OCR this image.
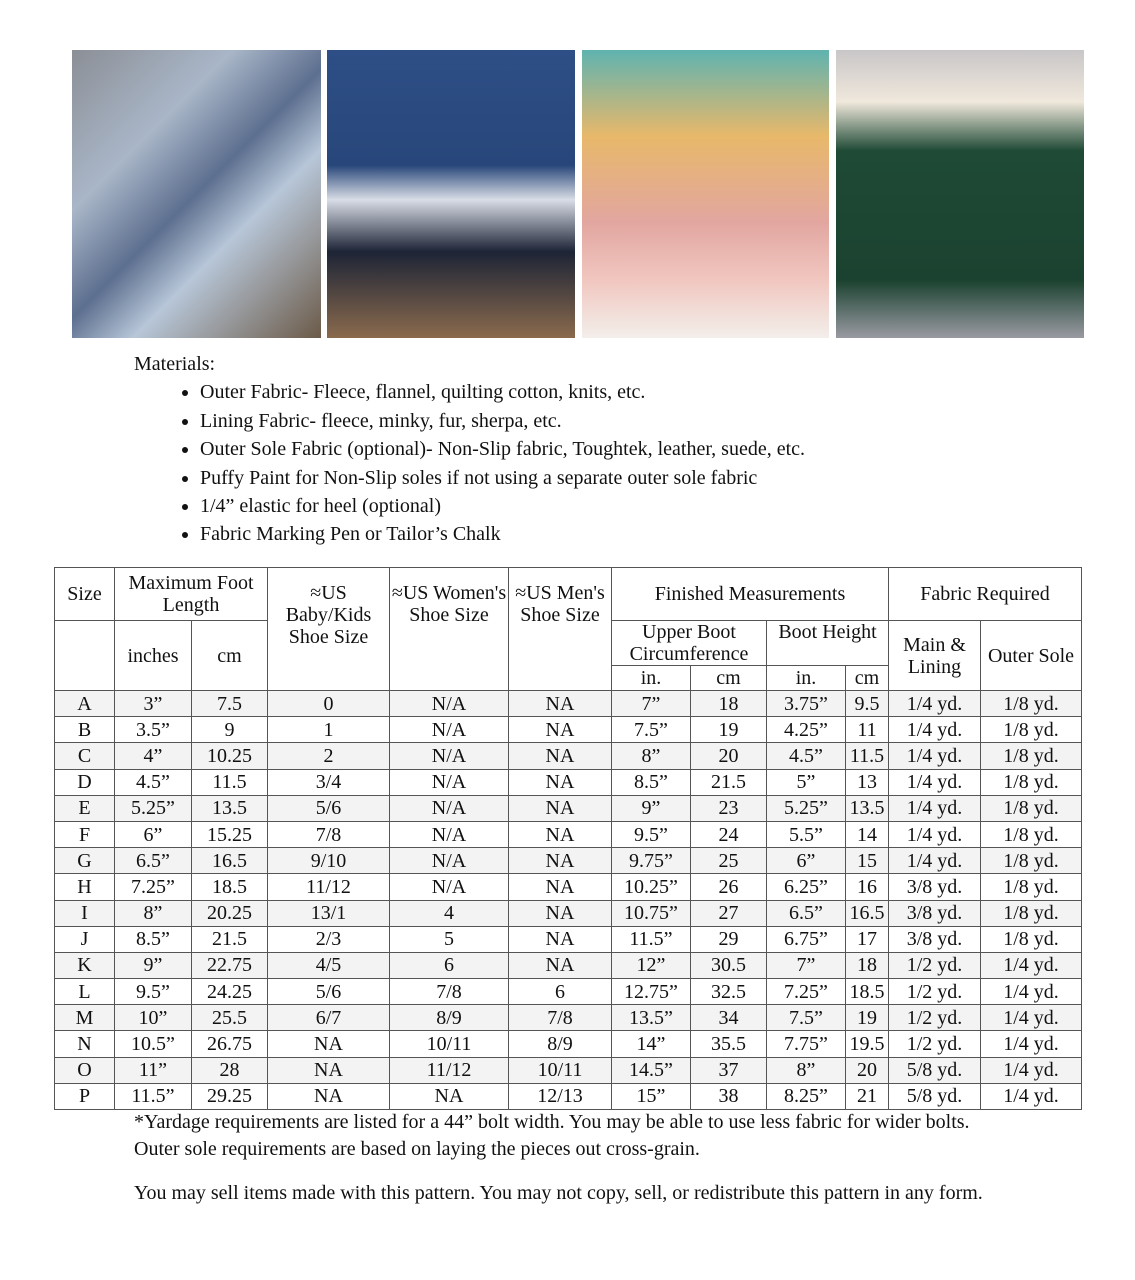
Materials:
• Outer Fabric- Fleece, flannel, quilting cotton, knits, etc.
• Lining Fabric- fleece, minky, fur, sherpa, etc.
• Outer Sole Fabric (optional)- Non-Slip fabric, Toughtek, leather, suede, etc.
• Puffy Paint for Non-Slip soles if not using a separate outer sole fabric
• 1/4” elastic for heel (optional)
• Fabric Marking Pen or Tailor’s Chalk
Size	Maximum Foot Length		≈US Baby/Kids Shoe Size	≈US Women's Shoe Size	≈US Men's Shoe Size	Finished Measurements				Fabric Required	
	inches	cm				Upper Boot Circumference		Boot Height		Main & Lining	Outer Sole
						in.	cm	in.	cm		
A	3”	7.5	0	N/A	NA	7”	18	3.75”	9.5	1/4 yd.	1/8 yd.
B	3.5”	9	1	N/A	NA	7.5”	19	4.25”	11	1/4 yd.	1/8 yd.
C	4”	10.25	2	N/A	NA	8”	20	4.5”	11.5	1/4 yd.	1/8 yd.
D	4.5”	11.5	3/4	N/A	NA	8.5”	21.5	5”	13	1/4 yd.	1/8 yd.
E	5.25”	13.5	5/6	N/A	NA	9”	23	5.25”	13.5	1/4 yd.	1/8 yd.
F	6”	15.25	7/8	N/A	NA	9.5”	24	5.5”	14	1/4 yd.	1/8 yd.
G	6.5”	16.5	9/10	N/A	NA	9.75”	25	6”	15	1/4 yd.	1/8 yd.
H	7.25”	18.5	11/12	N/A	NA	10.25”	26	6.25”	16	3/8 yd.	1/8 yd.
I	8”	20.25	13/1	4	NA	10.75”	27	6.5”	16.5	3/8 yd.	1/8 yd.
J	8.5”	21.5	2/3	5	NA	11.5”	29	6.75”	17	3/8 yd.	1/8 yd.
K	9”	22.75	4/5	6	NA	12”	30.5	7”	18	1/2 yd.	1/4 yd.
L	9.5”	24.25	5/6	7/8	6	12.75”	32.5	7.25”	18.5	1/2 yd.	1/4 yd.
M	10”	25.5	6/7	8/9	7/8	13.5”	34	7.5”	19	1/2 yd.	1/4 yd.
N	10.5”	26.75	NA	10/11	8/9	14”	35.5	7.75”	19.5	1/2 yd.	1/4 yd.
O	11”	28	NA	11/12	10/11	14.5”	37	8”	20	5/8 yd.	1/4 yd.
P	11.5”	29.25	NA	NA	12/13	15”	38	8.25”	21	5/8 yd.	1/4 yd.
*Yardage requirements are listed for a 44” bolt width. You may be able to use less fabric for wider bolts. Outer sole requirements are based on laying the pieces out cross-grain.
You may sell items made with this pattern. You may not copy, sell, or redistribute this pattern in any form.
